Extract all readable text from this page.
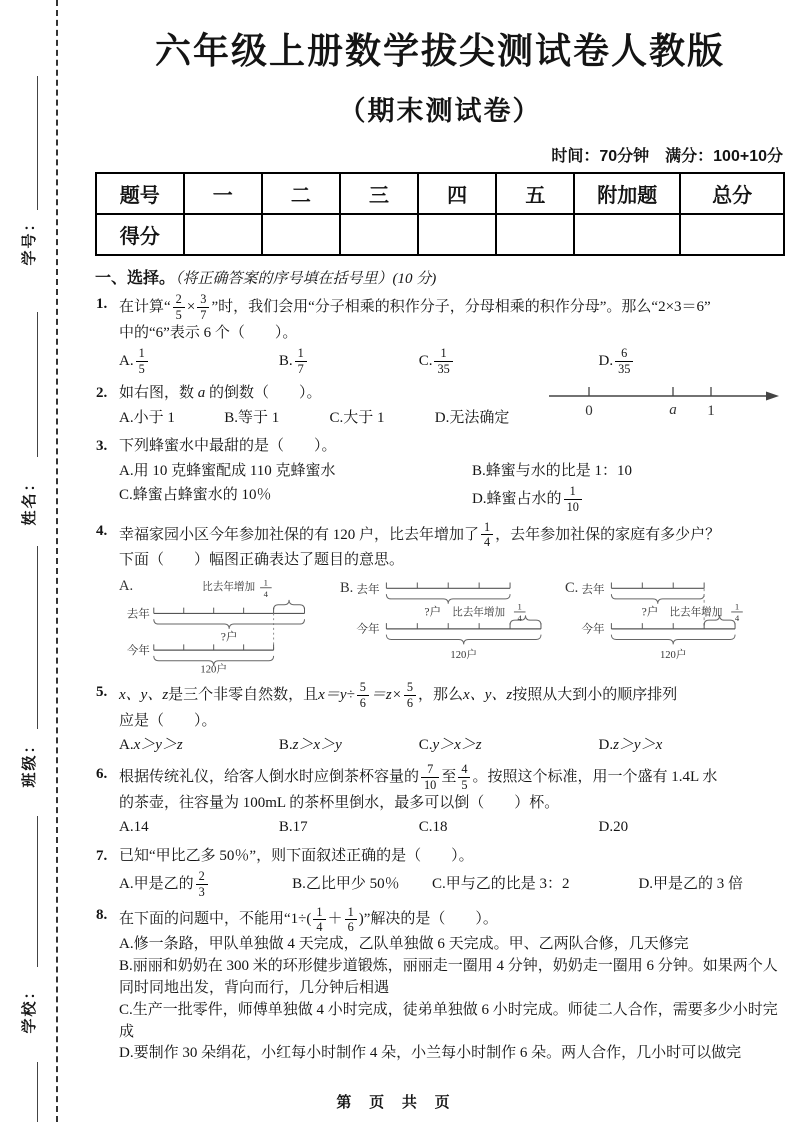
学号：
姓名：
班级：
学校：
六年级上册数学拔尖测试卷人教版
（期末测试卷）
时间：70分钟　满分：100+10分
题号	一	二	三	四	五	附加题	总分
得分							
一、选择。（将正确答案的序号填在括号里）(10 分)
1. 在计算“ $\frac{2}{5} \times \frac{3}{7}$ ”时，我们会用“分子相乘的积作分子，分母相乘的积作分母”。那么“2×3＝6”
中的“6”表示 6 个（　　）。
A. $\frac{1}{5}$	B. $\frac{1}{7}$	C. $\frac{1}{35}$	D. $\frac{6}{35}$
2. 如右图，数 a 的倒数（　　）。
A.小于 1	B.等于 1	C.大于 1	D.无法确定	0	a 1
3. 下列蜂蜜水中最甜的是（　　）。
A.用 10 克蜂蜜配成 110 克蜂蜜水	B.蜂蜜与水的比是 1：10
C.蜂蜜占蜂蜜水的 10％	D.蜂蜜占水的 $\frac{1}{10}$
4. 幸福家园小区今年参加社保的有 120 户，比去年增加了 $\frac{1}{4}$ ，去年参加社保的家庭有多少户？
下面（　　）幅图正确表达了题目的意思。
A.	比去年增加 1
4
去年
?户
今年
120户
B. 去年
?户 比去年增加
1
4
今年
120户
C. 去年
?户 比去年增加
1
4
今年
120户
5. x、y、z 是三个非零自然数，且 $x=y\div \frac{5}{6} =z\times \frac{5}{6}$ ，那么 x、y、z 按照从大到小的顺序排列
应是（　　）。
A.x＞y＞z	B.z＞x＞y	C.y＞x＞z	D.z＞y＞x
6. 根据传统礼仪，给客人倒水时应倒茶杯容量的 $\frac{7}{10}$ 至 $\frac{4}{5}$ 。按照这个标准，用一个盛有 1.4L 水
的茶壶，往容量为 100mL 的茶杯里倒水，最多可以倒（　　）杯。
A.14	B.17	C.18	D.20
7. 已知“甲比乙多 50％”，则下面叙述正确的是（　　）。
A.甲是乙的 $\frac{2}{3}$	B.乙比甲少 50％	C.甲与乙的比是 3：2	D.甲是乙的 3 倍
8. 在下面的问题中，不能用“$1\div( \frac{1}{4} + \frac{1}{6}$ )”解决的是（　　）。
A.修一条路，甲队单独做 4 天完成，乙队单独做 6 天完成。甲、乙两队合修，几天修完
B.丽丽和奶奶在 300 米的环形健步道锻炼，丽丽走一圈用 4 分钟，奶奶走一圈用 6 分钟。如果两个人同时同地出发，背向而行，几分钟后相遇
C.生产一批零件，师傅单独做 4 小时完成，徒弟单独做 6 小时完成。师徒二人合作，需要多少小时完成
D.要制作 30 朵绢花，小红每小时制作 4 朵，小兰每小时制作 6 朵。两人合作，几小时可以做完
第 页 共 页
